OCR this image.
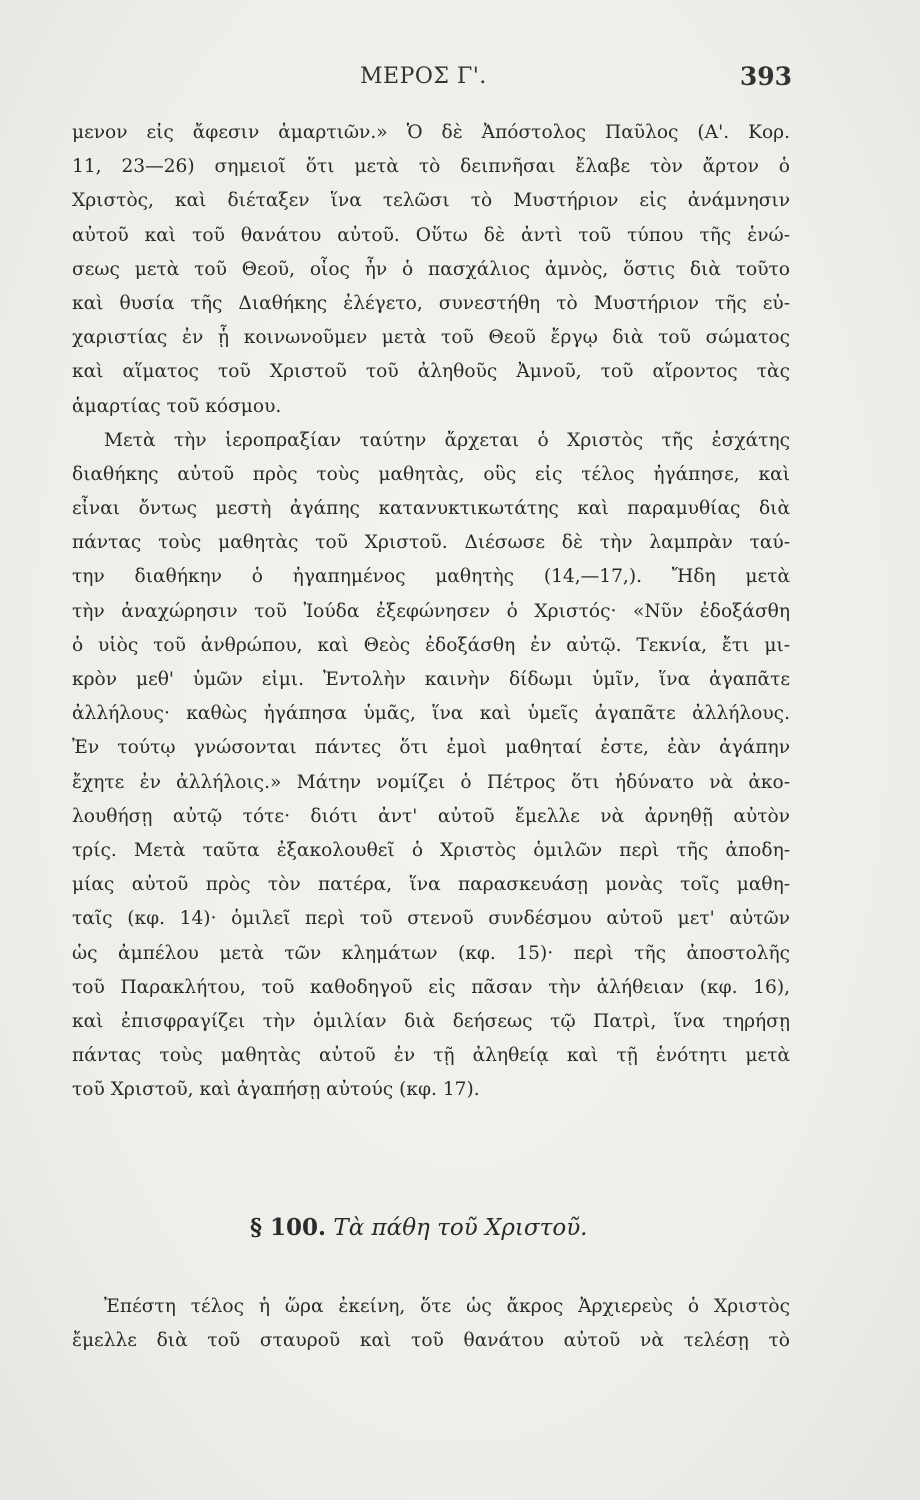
ΜΕΡΟΣ Γ'.	393
μενον εἰς ἄφεσιν ἁμαρτιῶν.» Ὁ δὲ Ἀπόστολος Παῦλος (Α'. Κορ.
11, 23—26) σημειοῖ ὅτι μετὰ τὸ δειπνῆσαι ἔλαβε τὸν ἄρτον ὁ
Χριστὸς, καὶ διέταξεν ἵνα τελῶσι τὸ Μυστήριον εἰς ἀνάμνησιν
αὐτοῦ καὶ τοῦ θανάτου αὐτοῦ. Οὕτω δὲ ἀντὶ τοῦ τύπου τῆς ἑνώ-
σεως μετὰ τοῦ Θεοῦ, οἷος ἦν ὁ πασχάλιος ἀμνὸς, ὅστις διὰ τοῦτο
καὶ θυσία τῆς Διαθήκης ἐλέγετο, συνεστήθη τὸ Μυστήριον τῆς εὐ-
χαριστίας ἐν ᾗ κοινωνοῦμεν μετὰ τοῦ Θεοῦ ἔργῳ διὰ τοῦ σώματος
καὶ αἵματος τοῦ Χριστοῦ τοῦ ἀληθοῦς Ἀμνοῦ, τοῦ αἴροντος τὰς
ἁμαρτίας τοῦ κόσμου.
Μετὰ τὴν ἱεροπραξίαν ταύτην ἄρχεται ὁ Χριστὸς τῆς ἐσχάτης
διαθήκης αὐτοῦ πρὸς τοὺς μαθητὰς, οὓς εἰς τέλος ἠγάπησε, καὶ
εἶναι ὄντως μεστὴ ἀγάπης κατανυκτικωτάτης καὶ παραμυθίας διὰ
πάντας τοὺς μαθητὰς τοῦ Χριστοῦ. Διέσωσε δὲ τὴν λαμπρὰν ταύ-
την διαθήκην ὁ ἠγαπημένος μαθητὴς (14,—17,). Ἤδη μετὰ
τὴν ἀναχώρησιν τοῦ Ἰούδα ἐξεφώνησεν ὁ Χριστός· «Νῦν ἐδοξάσθη
ὁ υἱὸς τοῦ ἀνθρώπου, καὶ Θεὸς ἐδοξάσθη ἐν αὐτῷ. Τεκνία, ἔτι μι-
κρὸν μεθ' ὑμῶν εἰμι. Ἐντολὴν καινὴν δίδωμι ὑμῖν, ἵνα ἀγαπᾶτε
ἀλλήλους· καθὼς ἠγάπησα ὑμᾶς, ἵνα καὶ ὑμεῖς ἀγαπᾶτε ἀλλήλους.
Ἐν τούτῳ γνώσονται πάντες ὅτι ἐμοὶ μαθηταί ἐστε, ἐὰν ἀγάπην
ἔχητε ἐν ἀλλήλοις.» Μάτην νομίζει ὁ Πέτρος ὅτι ἠδύνατο νὰ ἀκο-
λουθήσῃ αὐτῷ τότε· διότι ἀντ' αὐτοῦ ἔμελλε νὰ ἀρνηθῇ αὐτὸν
τρίς. Μετὰ ταῦτα ἐξακολουθεῖ ὁ Χριστὸς ὁμιλῶν περὶ τῆς ἀποδη-
μίας αὐτοῦ πρὸς τὸν πατέρα, ἵνα παρασκευάσῃ μονὰς τοῖς μαθη-
ταῖς (κφ. 14)· ὁμιλεῖ περὶ τοῦ στενοῦ συνδέσμου αὐτοῦ μετ' αὐτῶν
ὡς ἀμπέλου μετὰ τῶν κλημάτων (κφ. 15)· περὶ τῆς ἀποστολῆς
τοῦ Παρακλήτου, τοῦ καθοδηγοῦ εἰς πᾶσαν τὴν ἀλήθειαν (κφ. 16),
καὶ ἐπισφραγίζει τὴν ὁμιλίαν διὰ δεήσεως τῷ Πατρὶ, ἵνα τηρήσῃ
πάντας τοὺς μαθητὰς αὐτοῦ ἐν τῇ ἀληθείᾳ καὶ τῇ ἑνότητι μετὰ
τοῦ Χριστοῦ, καὶ ἀγαπήσῃ αὐτούς (κφ. 17).
§ 100. Τὰ πάθη τοῦ Χριστοῦ.
Ἐπέστη τέλος ἡ ὥρα ἐκείνη, ὅτε ὡς ἄκρος Ἀρχιερεὺς ὁ Χριστὸς
ἔμελλε διὰ τοῦ σταυροῦ καὶ τοῦ θανάτου αὐτοῦ νὰ τελέσῃ τὸ
